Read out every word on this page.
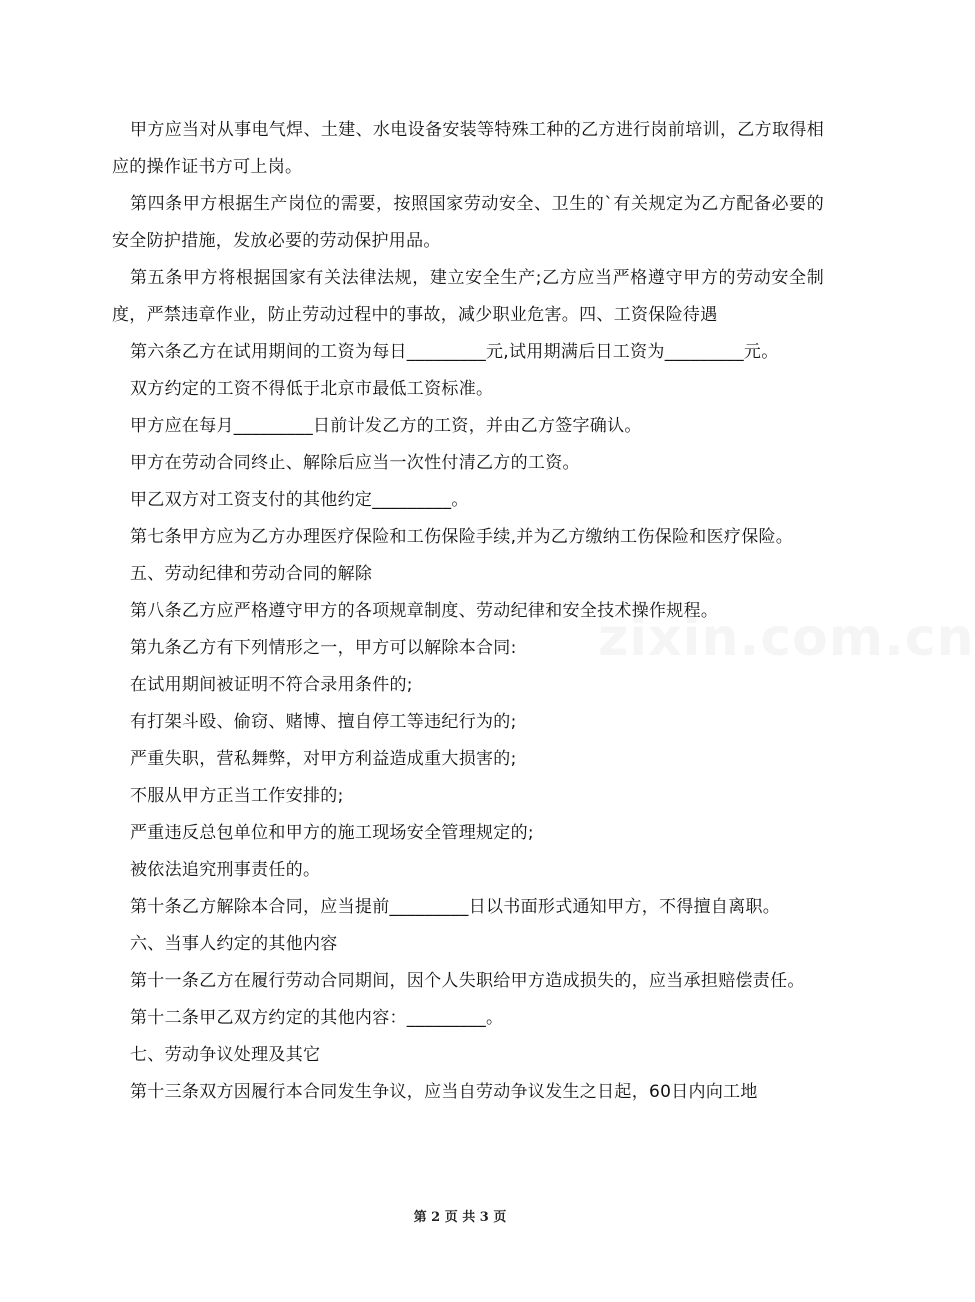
甲方应当对从事电气焊、土建、水电设备安装等特殊工种的乙方进行岗前培训，乙方取得相应的操作证书方可上岗。

第四条甲方根据生产岗位的需要，按照国家劳动安全、卫生的`有关规定为乙方配备必要的安全防护措施，发放必要的劳动保护用品。

第五条甲方将根据国家有关法律法规，建立安全生产;乙方应当严格遵守甲方的劳动安全制度，严禁违章作业，防止劳动过程中的事故，减少职业危害。四、工资保险待遇

第六条乙方在试用期间的工资为每日_________元,试用期满后日工资为_________元。

双方约定的工资不得低于北京市最低工资标准。

甲方应在每月_________日前计发乙方的工资，并由乙方签字确认。

甲方在劳动合同终止、解除后应当一次性付清乙方的工资。

甲乙双方对工资支付的其他约定_________。

第七条甲方应为乙方办理医疗保险和工伤保险手续,并为乙方缴纳工伤保险和医疗保险。

五、劳动纪律和劳动合同的解除

第八条乙方应严格遵守甲方的各项规章制度、劳动纪律和安全技术操作规程。

第九条乙方有下列情形之一，甲方可以解除本合同:

在试用期间被证明不符合录用条件的;

有打架斗殴、偷窃、赌博、擅自停工等违纪行为的;

严重失职，营私舞弊，对甲方利益造成重大损害的;

不服从甲方正当工作安排的;

严重违反总包单位和甲方的施工现场安全管理规定的;

被依法追究刑事责任的。

第十条乙方解除本合同，应当提前_________日以书面形式通知甲方，不得擅自离职。

六、当事人约定的其他内容

第十一条乙方在履行劳动合同期间，因个人失职给甲方造成损失的，应当承担赔偿责任。

第十二条甲乙双方约定的其他内容：_________。

七、劳动争议处理及其它

第十三条双方因履行本合同发生争议，应当自劳动争议发生之日起，60日内向工地

zixin.com.cn
第 2 页 共 3 页
